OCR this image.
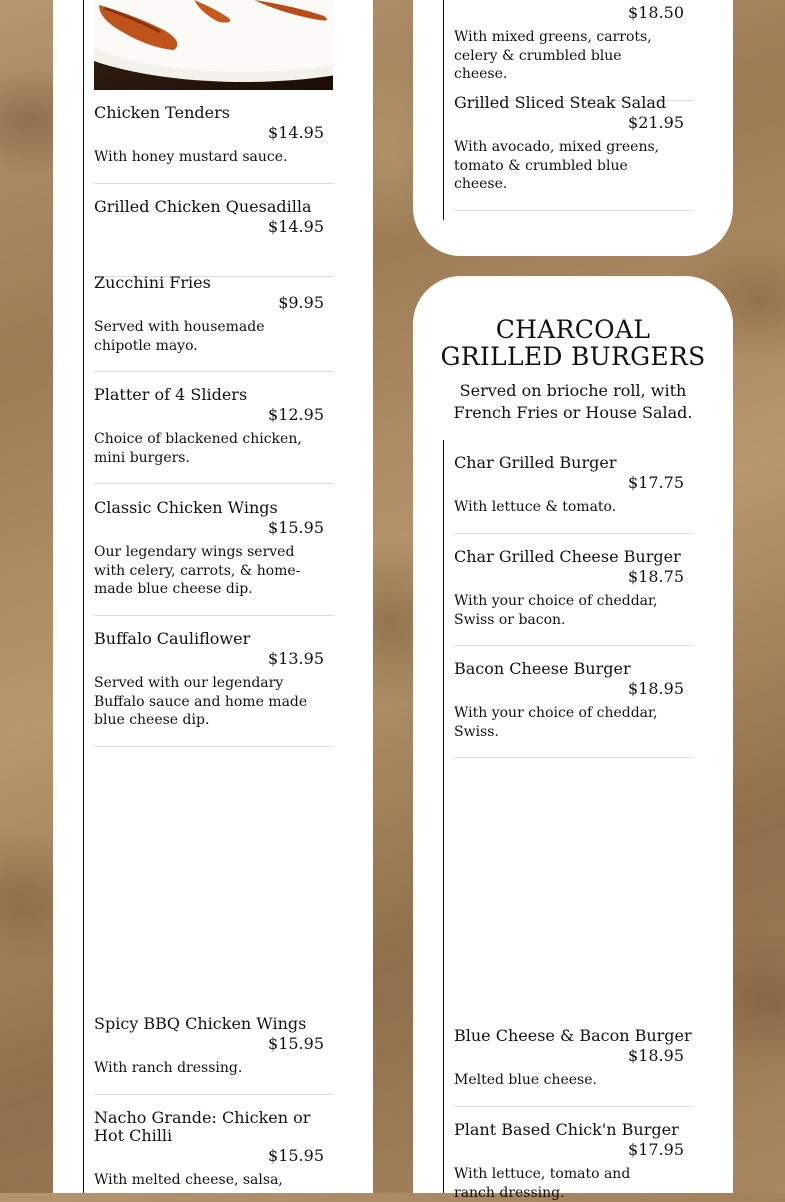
Chicken Tenders
$14.95
With honey mustard sauce.
Grilled Chicken Quesadilla
$14.95
Zucchini Fries
$9.95
Served with housemade chipotle mayo.
Platter of 4 Sliders
$12.95
Choice of blackened chicken, mini burgers.
Classic Chicken Wings
$15.95
Our legendary wings served with celery, carrots, & home-made blue cheese dip.
Buffalo Cauliflower
$13.95
Served with our legendary Buffalo sauce and home made blue cheese dip.
Spicy BBQ Chicken Wings
$15.95
With ranch dressing.
Nacho Grande: Chicken or Hot Chilli
$15.95
With melted cheese, salsa,
$18.50
With mixed greens, carrots, celery & crumbled blue cheese.
Grilled Sliced Steak Salad
$21.95
With avocado, mixed greens, tomato & crumbled blue cheese.
CHARCOAL GRILLED BURGERS
Served on brioche roll, with French Fries or House Salad.
Char Grilled Burger
$17.75
With lettuce & tomato.
Char Grilled Cheese Burger
$18.75
With your choice of cheddar, Swiss or bacon.
Bacon Cheese Burger
$18.95
With your choice of cheddar, Swiss.
Blue Cheese & Bacon Burger
$18.95
Melted blue cheese.
Plant Based Chick'n Burger
$17.95
With lettuce, tomato and ranch dressing.
